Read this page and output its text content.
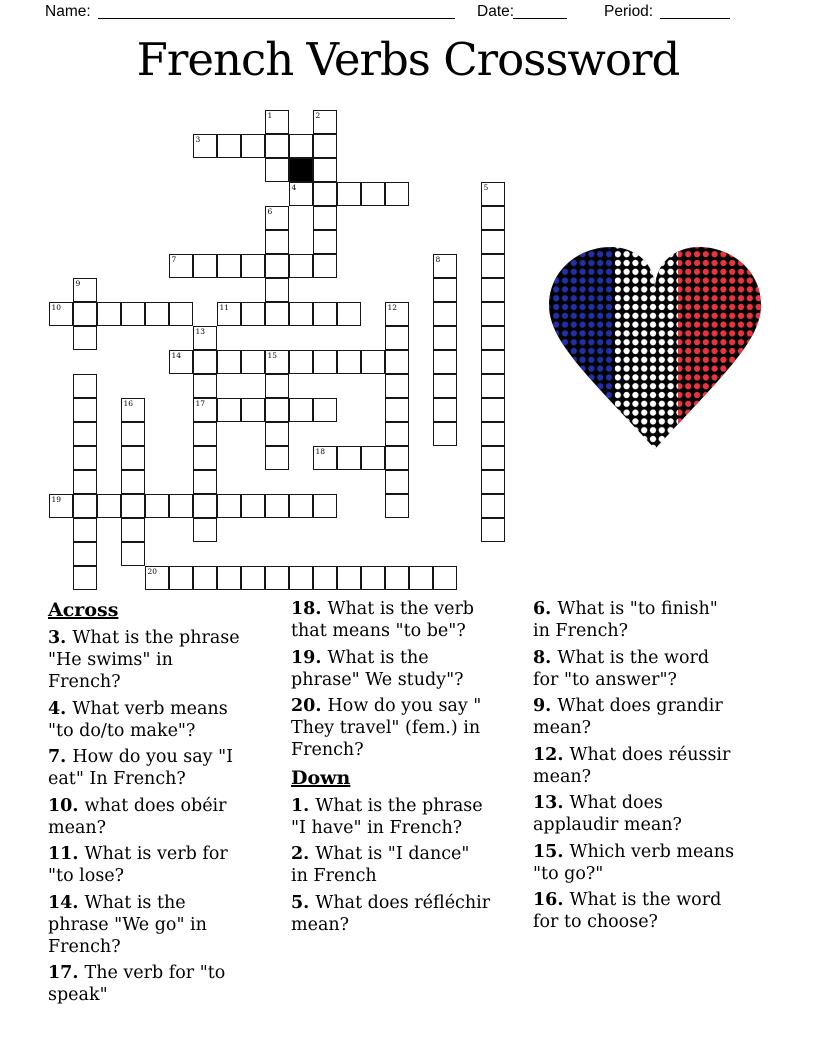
Name:	Date:	Period:
French Verbs Crossword
1	2
3
4	5
6
7	8
9
10	11	12
13
14	15
16	17
18
19
20
Across
3. What is the phrase "He swims" in French?
4. What verb means "to do/to make"?
7. How do you say "I eat" In French?
10. what does obéir mean?
11. What is verb for "to lose?
14. What is the phrase "We go" in French?
17. The verb for "to speak"
18. What is the verb that means "to be"?
19. What is the phrase" We study"?
20. How do you say " They travel" (fem.) in French?
Down
1. What is the phrase "I have" in French?
2. What is "I dance" in French
5. What does réfléchir mean?
6. What is "to finish" in French?
8. What is the word for "to answer"?
9. What does grandir mean?
12. What does réussir mean?
13. What does applaudir mean?
15. Which verb means "to go?"
16. What is the word for to choose?
